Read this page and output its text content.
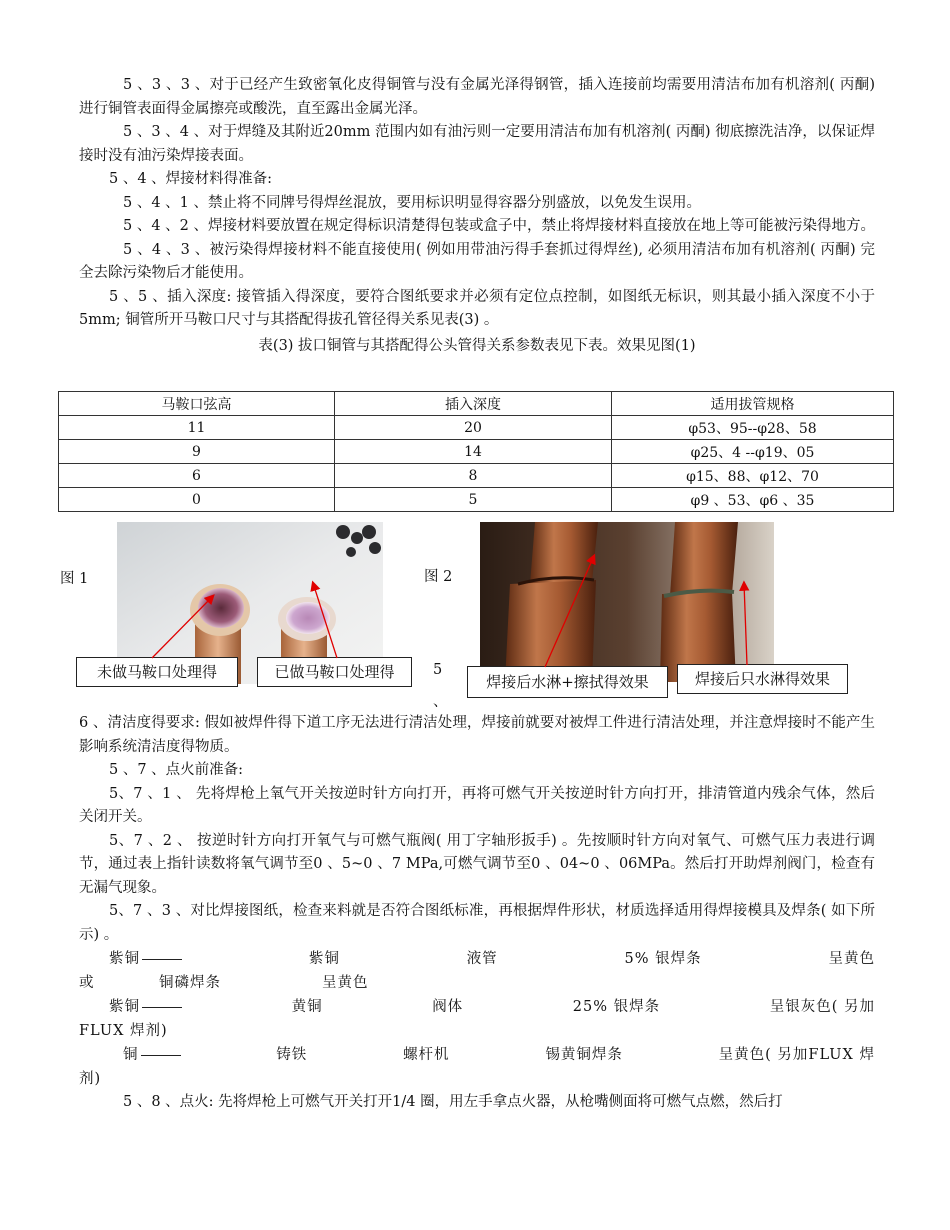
5 、3 、3 、对于已经产生致密氧化皮得铜管与没有金属光泽得钢管，插入连接前均需要用清洁布加有机溶剂( 丙酮) 进行铜管表面得金属擦亮或酸洗，直至露出金属光泽。

5 、3 、4 、对于焊缝及其附近20mm 范围内如有油污则一定要用清洁布加有机溶剂( 丙酮) 彻底擦洗洁净，以保证焊接时没有油污染焊接表面。

5 、4 、焊接材料得准备:

5 、4 、1 、禁止将不同牌号得焊丝混放，要用标识明显得容器分别盛放，以免发生误用。

5 、4 、2 、焊接材料要放置在规定得标识清楚得包装或盒子中，禁止将焊接材料直接放在地上等可能被污染得地方。

5 、4 、3 、被污染得焊接材料不能直接使用( 例如用带油污得手套抓过得焊丝), 必须用清洁布加有机溶剂( 丙酮) 完全去除污染物后才能使用。

5 、5 、插入深度: 接管插入得深度，要符合图纸要求并必须有定位点控制，如图纸无标识，则其最小插入深度不小于5mm; 铜管所开马鞍口尺寸与其搭配得拔孔管径得关系见表(3) 。

表(3) 拔口铜管与其搭配得公头管得关系参数表见下表。效果见图(1)

马鞍口弦高	插入深度	适用拔管规格
11	20	φ53、95--φ28、58
9	14	φ25、4 --φ19、05
6	8	φ15、88、φ12、70
0	5	φ9 、53、φ6 、35
图 1	图 2
未做马鞍口处理得	已做马鞍口处理得
焊接后水淋+擦拭得效果	焊接后只水淋得效果
5
、

6 、清洁度得要求: 假如被焊件得下道工序无法进行清洁处理，焊接前就要对被焊工件进行清洁处理，并注意焊接时不能产生影响系统清洁度得物质。

5 、7 、点火前准备:

5、7 、1 、 先将焊枪上氧气开关按逆时针方向打开，再将可燃气开关按逆时针方向打开，排清管道内残余气体，然后关闭开关。

5、7 、2 、 按逆时针方向打开氧气与可燃气瓶阀( 用丁字轴形扳手) 。先按顺时针方向对氧气、可燃气压力表进行调节，通过表上指针读数将氧气调节至0 、5~0 、7 MPa,可燃气调节至0 、04~0 、06MPa。然后打开助焊剂阀门，检查有无漏气现象。

5、7 、3 、对比焊接图纸，检查来料就是否符合图纸标准，再根据焊件形状，材质选择适用得焊接模具及焊条( 如下所示) 。

紫铜	紫铜	液管	5% 银焊条	呈黄色
或	铜磷焊条	呈黄色
紫铜	黄铜	阀体	25% 银焊条	呈银灰色( 另加
FLUX 焊剂)
铜	铸铁	螺杆机	锡黄铜焊条	呈黄色( 另加FLUX 焊
剂)

5 、8 、点火: 先将焊枪上可燃气开关打开1/4 圈，用左手拿点火器，从枪嘴侧面将可燃气点燃，然后打
